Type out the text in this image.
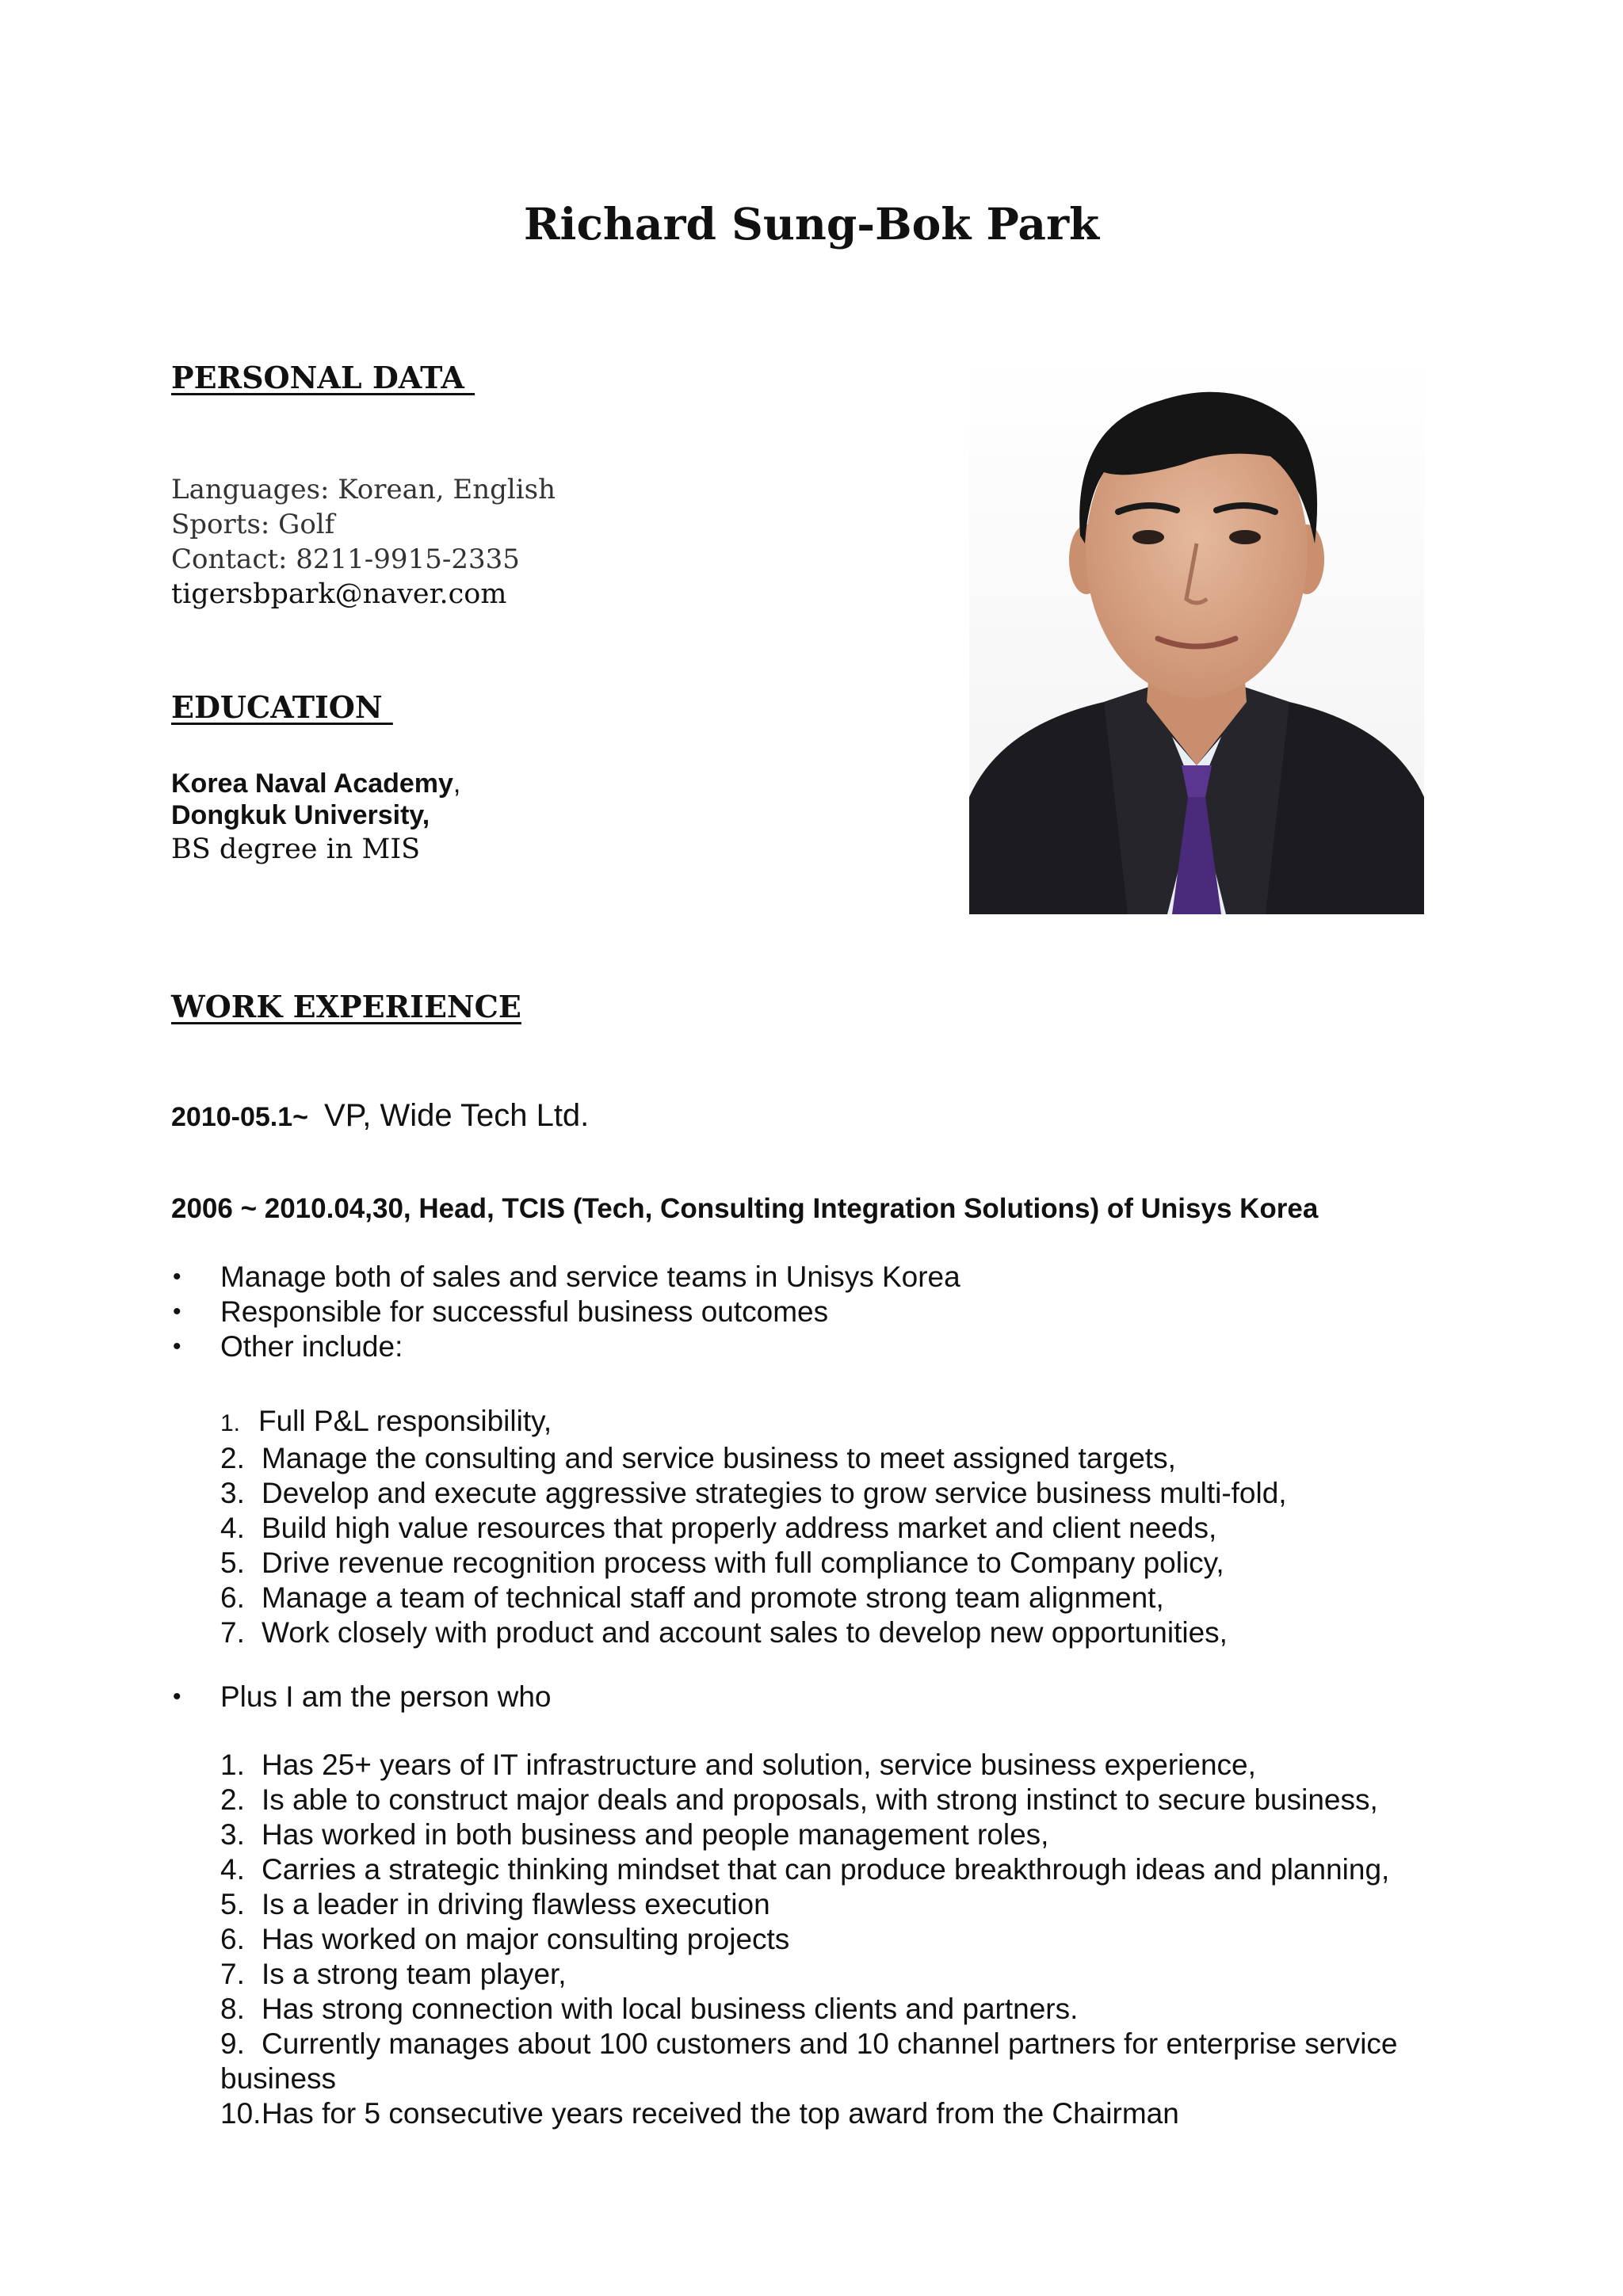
Richard Sung-Bok Park
PERSONAL DATA
Languages: Korean, English
Sports: Golf
Contact: 8211-9915-2335
tigersbpark@naver.com
EDUCATION
Korea Naval Academy,
Dongkuk University,
BS degree in MIS
WORK EXPERIENCE
2010-05.1~ VP, Wide Tech Ltd.
2006 ~ 2010.04,30, Head, TCIS (Tech, Consulting Integration Solutions) of Unisys Korea
• Manage both of sales and service teams in Unisys Korea
• Responsible for successful business outcomes
• Other include:
1. Full P&L responsibility,
2. Manage the consulting and service business to meet assigned targets,
3. Develop and execute aggressive strategies to grow service business multi-fold,
4. Build high value resources that properly address market and client needs,
5. Drive revenue recognition process with full compliance to Company policy,
6. Manage a team of technical staff and promote strong team alignment,
7. Work closely with product and account sales to develop new opportunities,
• Plus I am the person who
1. Has 25+ years of IT infrastructure and solution, service business experience,
2. Is able to construct major deals and proposals, with strong instinct to secure business,
3. Has worked in both business and people management roles,
4. Carries a strategic thinking mindset that can produce breakthrough ideas and planning,
5. Is a leader in driving flawless execution
6. Has worked on major consulting projects
7. Is a strong team player,
8. Has strong connection with local business clients and partners.
9. Currently manages about 100 customers and 10 channel partners for enterprise service business
10.Has for 5 consecutive years received the top award from the Chairman
